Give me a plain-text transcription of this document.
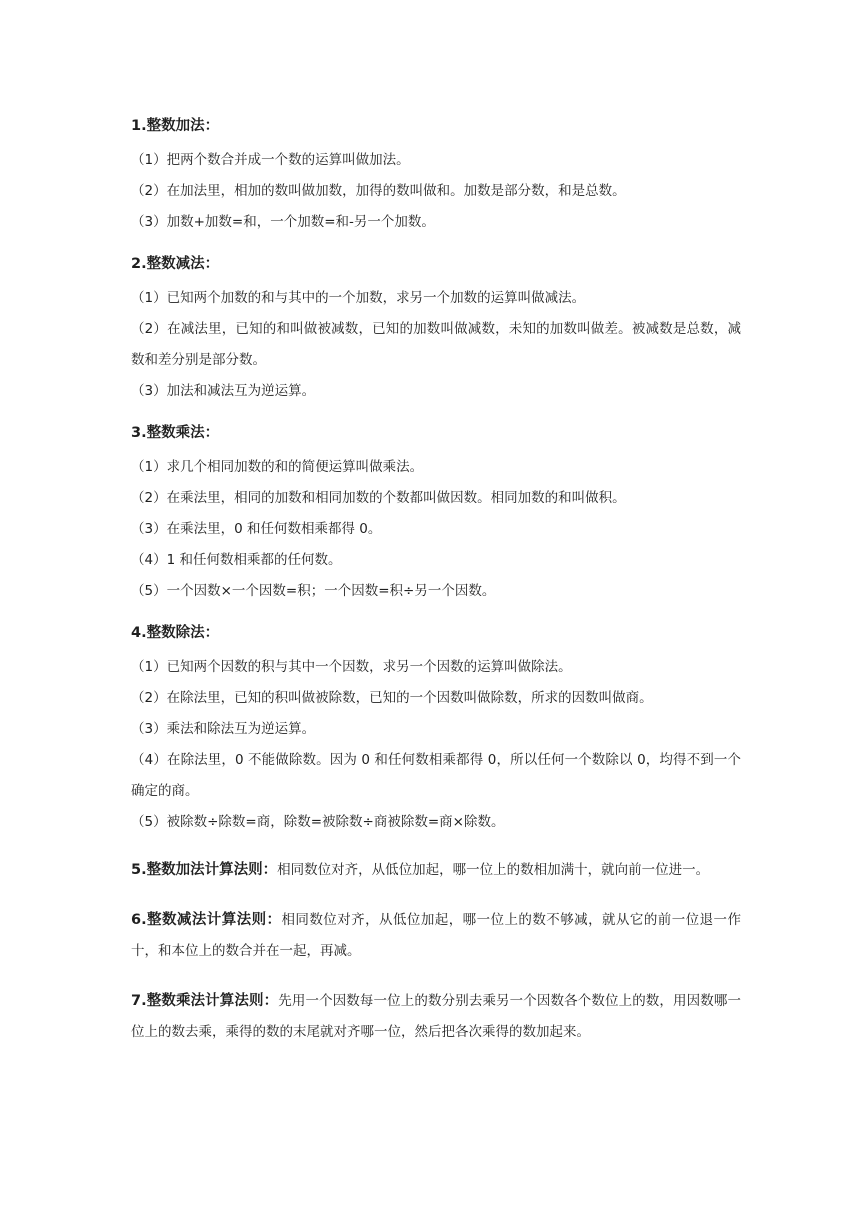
1.整数加法：

（1）把两个数合并成一个数的运算叫做加法。

（2）在加法里，相加的数叫做加数，加得的数叫做和。加数是部分数，和是总数。

（3）加数+加数=和，一个加数=和-另一个加数。

2.整数减法：

（1）已知两个加数的和与其中的一个加数，求另一个加数的运算叫做减法。

（2）在减法里，已知的和叫做被减数，已知的加数叫做减数，未知的加数叫做差。被减数是总数，减数和差分别是部分数。

（3）加法和减法互为逆运算。

3.整数乘法：

（1）求几个相同加数的和的简便运算叫做乘法。

（2）在乘法里，相同的加数和相同加数的个数都叫做因数。相同加数的和叫做积。

（3）在乘法里，0 和任何数相乘都得 0。

（4）1 和任何数相乘都的任何数。

（5）一个因数×一个因数=积；一个因数=积÷另一个因数。

4.整数除法：

（1）已知两个因数的积与其中一个因数，求另一个因数的运算叫做除法。

（2）在除法里，已知的积叫做被除数，已知的一个因数叫做除数，所求的因数叫做商。

（3）乘法和除法互为逆运算。

（4）在除法里，0 不能做除数。因为 0 和任何数相乘都得 0，所以任何一个数除以 0，均得不到一个确定的商。

（5）被除数÷除数=商，除数=被除数÷商被除数=商×除数。

5.整数加法计算法则：相同数位对齐，从低位加起，哪一位上的数相加满十，就向前一位进一。

6.整数减法计算法则：相同数位对齐，从低位加起，哪一位上的数不够减，就从它的前一位退一作十，和本位上的数合并在一起，再减。

7.整数乘法计算法则：先用一个因数每一位上的数分别去乘另一个因数各个数位上的数，用因数哪一位上的数去乘，乘得的数的末尾就对齐哪一位，然后把各次乘得的数加起来。
